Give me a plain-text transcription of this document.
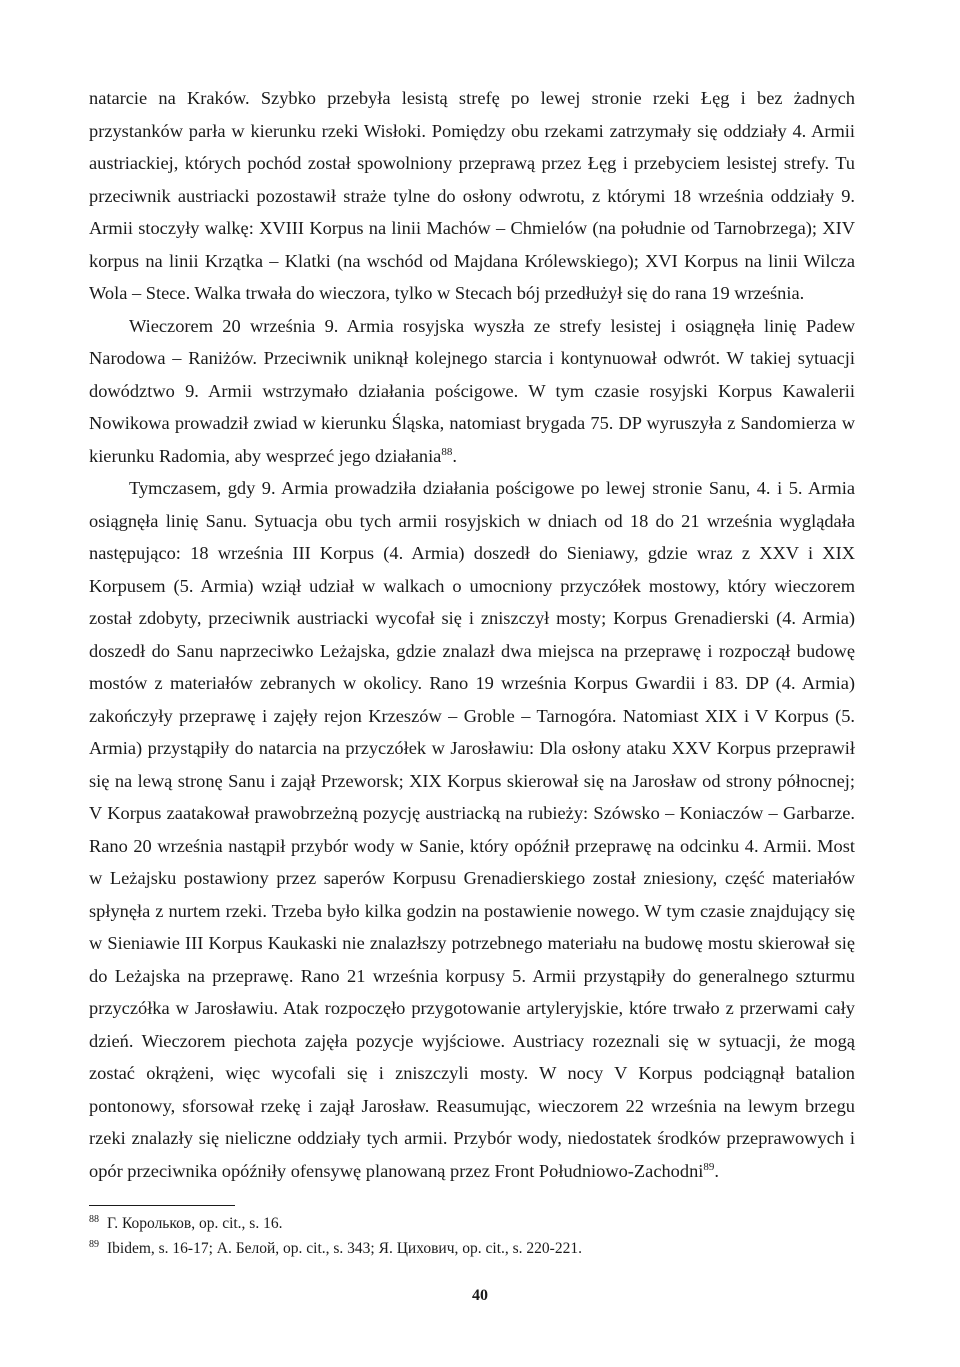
natarcie na Kraków. Szybko przebyła lesistą strefę po lewej stronie rzeki Łęg i bez żadnych przystanków parła w kierunku rzeki Wisłoki. Pomiędzy obu rzekami zatrzymały się oddziały 4. Armii austriackiej, których pochód został spowolniony przeprawą przez Łęg i przebyciem lesistej strefy. Tu przeciwnik austriacki pozostawił straże tylne do osłony odwrotu, z którymi 18 września oddziały 9. Armii stoczyły walkę: XVIII Korpus na linii Machów – Chmielów (na południe od Tarnobrzega); XIV korpus na linii Krzątka – Klatki (na wschód od Majdana Królewskiego); XVI Korpus na linii Wilcza Wola – Stece. Walka trwała do wieczora, tylko w Stecach bój przedłużył się do rana 19 września.

Wieczorem 20 września 9. Armia rosyjska wyszła ze strefy lesistej i osiągnęła linię Padew Narodowa – Raniżów. Przeciwnik uniknął kolejnego starcia i kontynuował odwrót. W takiej sytuacji dowództwo 9. Armii wstrzymało działania pościgowe. W tym czasie rosyjski Korpus Kawalerii Nowikowa prowadził zwiad w kierunku Śląska, natomiast brygada 75. DP wyruszyła z Sandomierza w kierunku Radomia, aby wesprzeć jego działania$^{88}$.

Tymczasem, gdy 9. Armia prowadziła działania pościgowe po lewej stronie Sanu, 4. i 5. Armia osiągnęła linię Sanu. Sytuacja obu tych armii rosyjskich w dniach od 18 do 21 września wyglądała następująco: 18 września III Korpus (4. Armia) doszedł do Sieniawy, gdzie wraz z XXV i XIX Korpusem (5. Armia) wziął udział w walkach o umocniony przyczółek mostowy, który wieczorem został zdobyty, przeciwnik austriacki wycofał się i zniszczył mosty; Korpus Grenadierski (4. Armia) doszedł do Sanu naprzeciwko Leżajska, gdzie znalazł dwa miejsca na przeprawę i rozpoczął budowę mostów z materiałów zebranych w okolicy. Rano 19 września Korpus Gwardii i 83. DP (4. Armia) zakończyły przeprawę i zajęły rejon Krzeszów – Groble – Tarnogóra. Natomiast XIX i V Korpus (5. Armia) przystąpiły do natarcia na przyczółek w Jarosławiu: Dla osłony ataku XXV Korpus przeprawił się na lewą stronę Sanu i zajął Przeworsk; XIX Korpus skierował się na Jarosław od strony północnej; V Korpus zaatakował prawobrzeżną pozycję austriacką na rubieży: Szówsko – Koniaczów – Garbarze. Rano 20 września nastąpił przybór wody w Sanie, który opóźnił przeprawę na odcinku 4. Armii. Most w Leżajsku postawiony przez saperów Korpusu Grenadierskiego został zniesiony, część materiałów spłynęła z nurtem rzeki. Trzeba było kilka godzin na postawienie nowego. W tym czasie znajdujący się w Sieniawie III Korpus Kaukaski nie znalazłszy potrzebnego materiału na budowę mostu skierował się do Leżajska na przeprawę. Rano 21 września korpusy 5. Armii przystąpiły do generalnego szturmu przyczółka w Jarosławiu. Atak rozpoczęło przygotowanie artyleryjskie, które trwało z przerwami cały dzień. Wieczorem piechota zajęła pozycje wyjściowe. Austriacy rozeznali się w sytuacji, że mogą zostać okrążeni, więc wycofali się i zniszczyli mosty. W nocy V Korpus podciągnął batalion pontonowy, sforsował rzekę i zajął Jarosław. Reasumując, wieczorem 22 września na lewym brzegu rzeki znalazły się nieliczne oddziały tych armii. Przybór wody, niedostatek środków przeprawowych i opór przeciwnika opóźniły ofensywę planowaną przez Front Południowo-Zachodni$^{89}$.

$^{88}$ Г. Корольков, op. cit., s. 16.

$^{89}$ Ibidem, s. 16-17; А. Белой, op. cit., s. 343; Я. Цихович, op. cit., s. 220-221.

40
